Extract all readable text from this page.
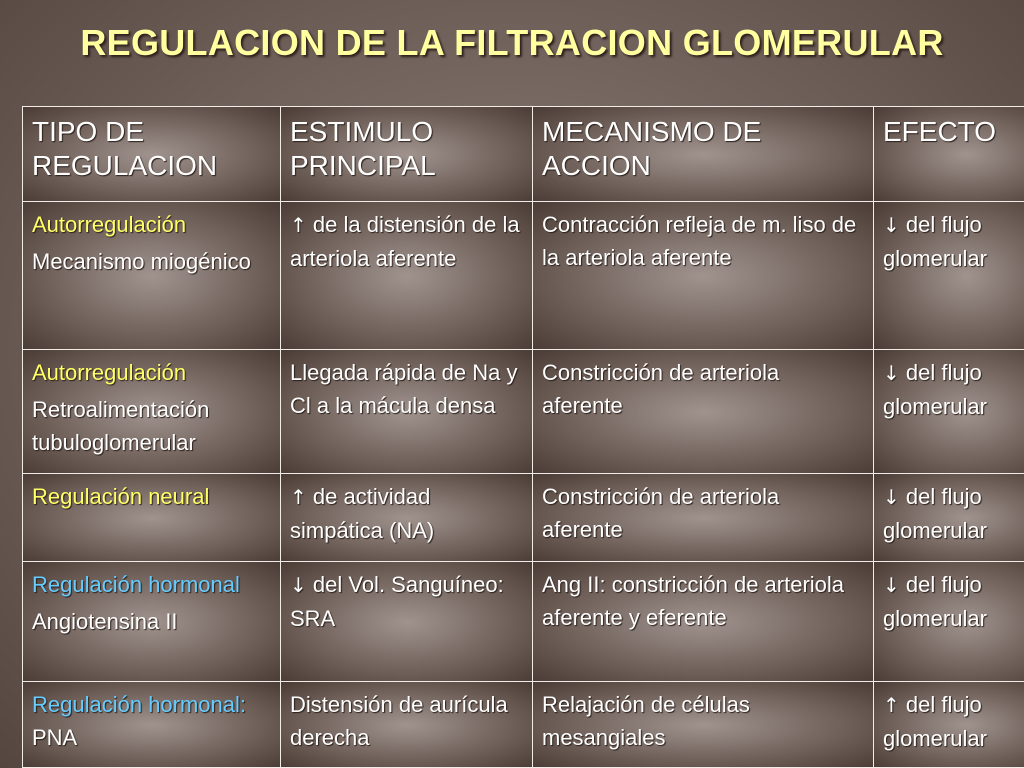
REGULACION DE LA FILTRACION GLOMERULAR
TIPO DE REGULACION	ESTIMULO PRINCIPAL	MECANISMO DE ACCION	EFECTO

Autorregulación
Mecanismo miogénico	↑ de la distensión de la arteriola aferente	Contracción refleja de m. liso de la arteriola aferente	↓ del flujo glomerular

Autorregulación
Retroalimentación tubuloglomerular	Llegada rápida de Na y Cl a la mácula densa	Constricción de arteriola aferente	↓ del flujo glomerular

Regulación neural	↑ de actividad simpática (NA)	Constricción de arteriola aferente	↓ del flujo glomerular

Regulación hormonal
Angiotensina II	↓ del Vol. Sanguíneo: SRA	Ang II: constricción de arteriola aferente y eferente	↓ del flujo glomerular
Regulación hormonal: PNA	Distensión de aurícula derecha	Relajación de células mesangiales	↑ del flujo glomerular
